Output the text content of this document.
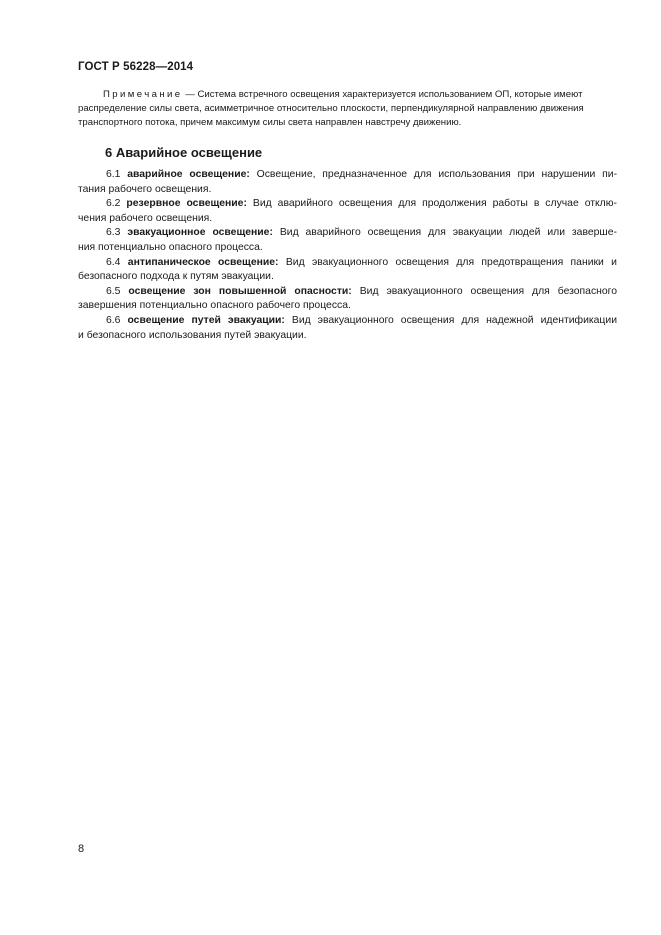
ГОСТ Р 56228—2014
Примечание — Система встречного освещения характеризуется использованием ОП, которые имеют
распределение силы света, асимметричное относительно плоскости, перпендикулярной направлению движения
транспортного потока, причем максимум силы света направлен навстречу движению.
6 Аварийное освещение
6.1 аварийное освещение: Освещение, предназначенное для использования при нарушении пи-
тания рабочего освещения.
6.2 резервное освещение: Вид аварийного освещения для продолжения работы в случае отклю-
чения рабочего освещения.
6.3 эвакуационное освещение: Вид аварийного освещения для эвакуации людей или заверше-
ния потенциально опасного процесса.
6.4 антипаническое освещение: Вид эвакуационного освещения для предотвращения паники и
безопасного подхода к путям эвакуации.
6.5 освещение зон повышенной опасности: Вид эвакуационного освещения для безопасного
завершения потенциально опасного рабочего процесса.
6.6 освещение путей эвакуации: Вид эвакуационного освещения для надежной идентификации
и безопасного использования путей эвакуации.
8
